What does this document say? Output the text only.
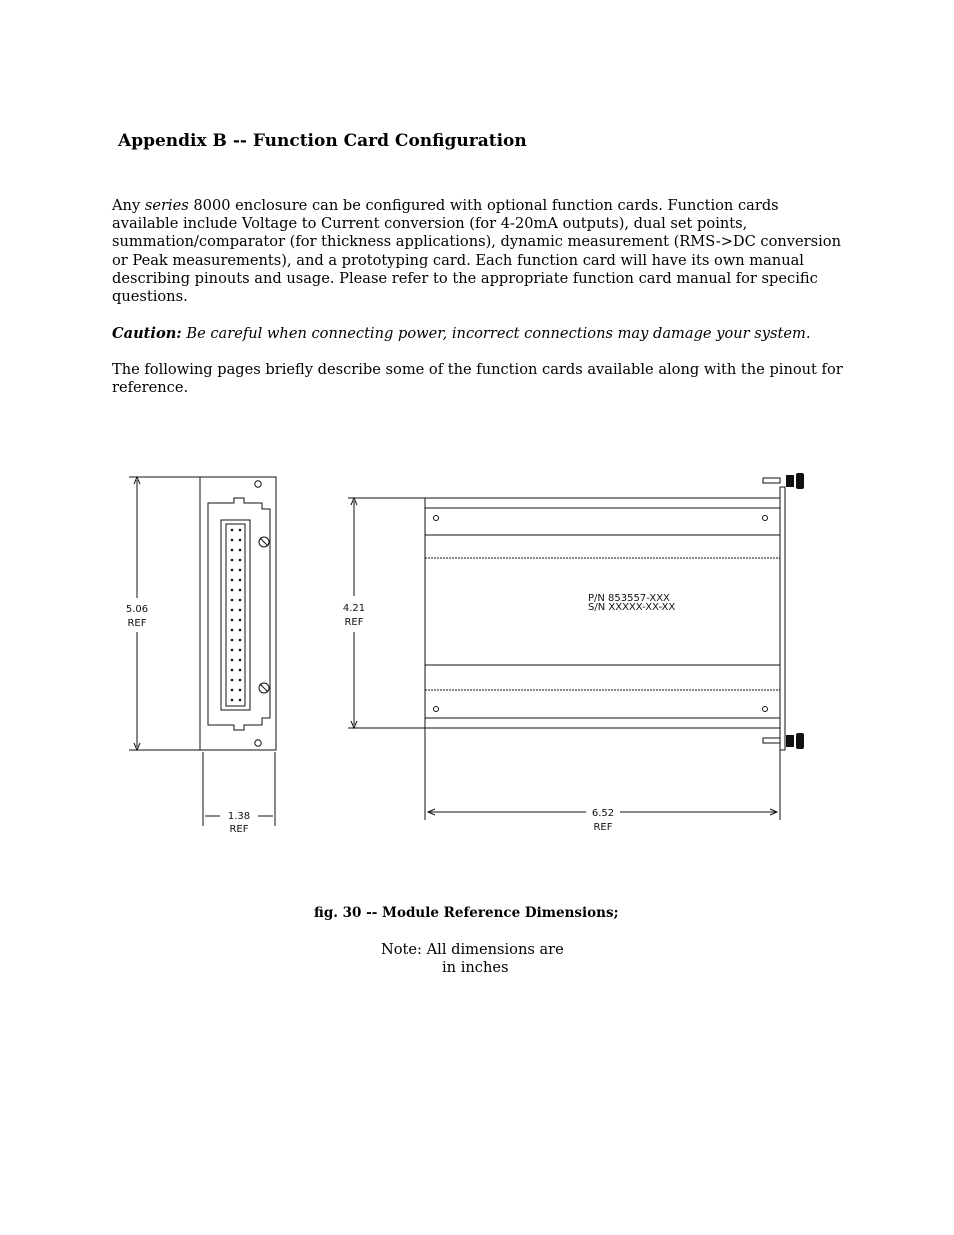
Appendix B -- Function Card Configuration

Any series 8000 enclosure can be configured with optional function cards. Function cards available include Voltage to Current conversion (for 4-20mA outputs), dual set points, summation/comparator (for thickness applications), dynamic measurement (RMS->DC conversion or Peak measurements), and a prototyping card. Each function card will have its own manual describing pinouts and usage. Please refer to the appropriate function card manual for specific questions.

Caution: Be careful when connecting power, incorrect connections may damage your system.

The following pages briefly describe some of the function cards available along with the pinout for reference.

5.06
REF
1.38
REF
4.21
REF
6.52
REF
P/N 853557-XXX
S/N XXXXX-XX-XX
fig. 30 -- Module Reference Dimensions;
Note: All dimensions are
in inches
